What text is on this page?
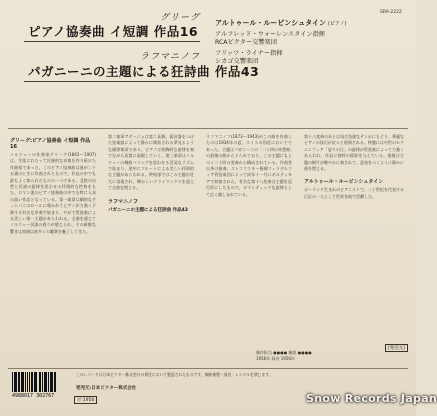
グリーグ
ピアノ協奏曲 イ短調 作品16
ラフマニノフ
パガニーニの主題による狂詩曲 作品43
SRA-2222
アルトゥール・ルービンシュタイン (ピアノ)
アルフレッド・ウォーレンスタイン指揮
RCAビクター交響楽団
フリッツ・ライナー指揮
シカゴ交響楽団
グリーグ:ピアノ協奏曲 イ短調 作品16
ノルウェーの作曲家グリーグ(1843〜1907)は、生涯にわたって民族的な音楽を作り続けた作曲家であった。このピアノ協奏曲は彼が二十五歳のときに作曲されたもので、作品の中でも最もよく知られたものの一つである。北欧の自然と民謡の旋律を思わせる抒情的な性格をもち、ロマン派のピアノ協奏曲の中でも特に人気の高い作品となっている。第一楽章は劇的なティンパニのロールに導かれてピアノが力強く下降する有名な序奏で始まり、やがて管弦楽による美しい第一主題があらわれる。全曲を通じてノルウェー民謡の香りが感じられ、その新鮮な響きは初演以来多くの聴衆を魅了してきた。
第二楽章アダージョは変ニ長調、弱音器をつけた弦楽器によって静かに開始される夢見るような緩徐楽章であり、ピアノは装飾的な旋律を奏でながら次第に高揚していく。第三楽章はノルウェーの舞曲ハリングを思わせる活発なリズムで始まり、途中にフルートによる美しい抒情的な主題があらわれる。終結部ではこの主題が壮大に再現され、輝かしいクライマックスを迎えて全曲を閉じる。
ラフマニノフ
パガニーニの主題による狂詩曲 作品43
ラフマニノフ(1873〜1943)がこの曲を作曲したのは1934年の夏、スイスの別荘においてであった。主題はパガニーニの「二十四の奇想曲」の最後の曲からとられており、この主題にもとづく二十四の変奏から構成されている。作曲者自身の独奏、ストコフスキー指揮フィラデルフィア管弦楽団によって同年十一月にボルティモアで初演された。有名な第十八変奏は主題を反行形にしたもので、ロマンティックな旋律として広く親しまれている。
第十八変奏のあとは再び急速なテンポにもどり、華麗なピアノの技巧が次々と展開される。終盤には中世のセクエンツィア「怒りの日」の旋律が管弦楽によって力強くあらわれ、作品に独特の陰影を与えている。最後は主題の断片が軽やかに奏されて、意表をつくように静かに曲を閉じる。
アルトゥール・ルービンシュタイン
ポーランド生まれのピアニストで、二十世紀を代表する巨匠の一人として世界各地で活躍した。
[発売元]
制作担当 ●●●● 解説 ●●●●
1956年 録音 1956年
4988017 302767
このレコードは日本ビクター株式会社の責任において製造されたものです。無断複製・放送・レンタルを禁じます。
発売元:日本ビクター株式会社
Ⓟ 1956	Snow Records Japan
